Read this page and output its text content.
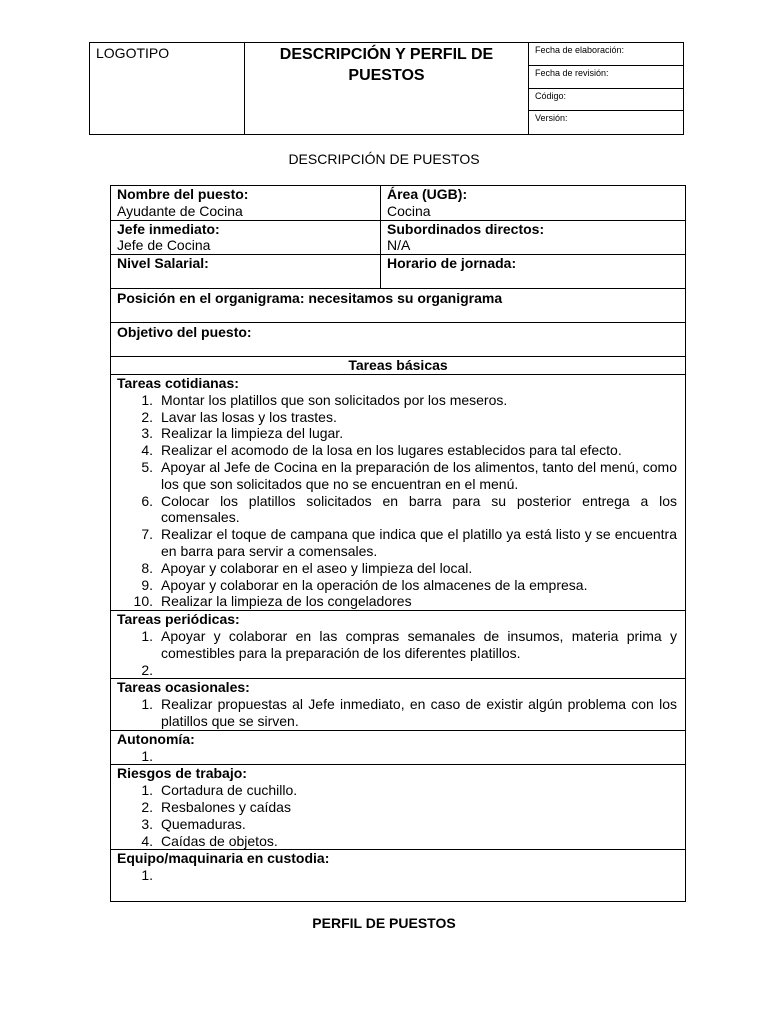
LOGOTIPO	DESCRIPCIÓN Y PERFIL DE PUESTOS
Fecha de elaboración:
Fecha de revisión:
Código:
Versión:
DESCRIPCIÓN DE PUESTOS
Nombre del puesto:
Ayudante de Cocina
Área (UGB):
Cocina
Jefe inmediato:
Jefe de Cocina
Subordinados directos:
N/A
Nivel Salarial:	Horario de jornada:
Posición en el organigrama: necesitamos su organigrama
Objetivo del puesto:
Tareas básicas
Tareas cotidianas:
1. Montar los platillos que son solicitados por los meseros.
2. Lavar las losas y los trastes.
3. Realizar la limpieza del lugar.
4. Realizar el acomodo de la losa en los lugares establecidos para tal efecto.
5. Apoyar al Jefe de Cocina en la preparación de los alimentos, tanto del menú, como los que son solicitados que no se encuentran en el menú.
6. Colocar los platillos solicitados en barra para su posterior entrega a los comensales.
7. Realizar el toque de campana que indica que el platillo ya está listo y se encuentra en barra para servir a comensales.
8. Apoyar y colaborar en el aseo y limpieza del local.
9. Apoyar y colaborar en la operación de los almacenes de la empresa.
10. Realizar la limpieza de los congeladores
Tareas periódicas:
1. Apoyar y colaborar en las compras semanales de insumos, materia prima y comestibles para la preparación de los diferentes platillos.
2.
Tareas ocasionales:
1. Realizar propuestas al Jefe inmediato, en caso de existir algún problema con los platillos que se sirven.
Autonomía:
1.
Riesgos de trabajo:
1. Cortadura de cuchillo.
2. Resbalones y caídas
3. Quemaduras.
4. Caídas de objetos.
Equipo/maquinaria en custodia:
1.
PERFIL DE PUESTOS
